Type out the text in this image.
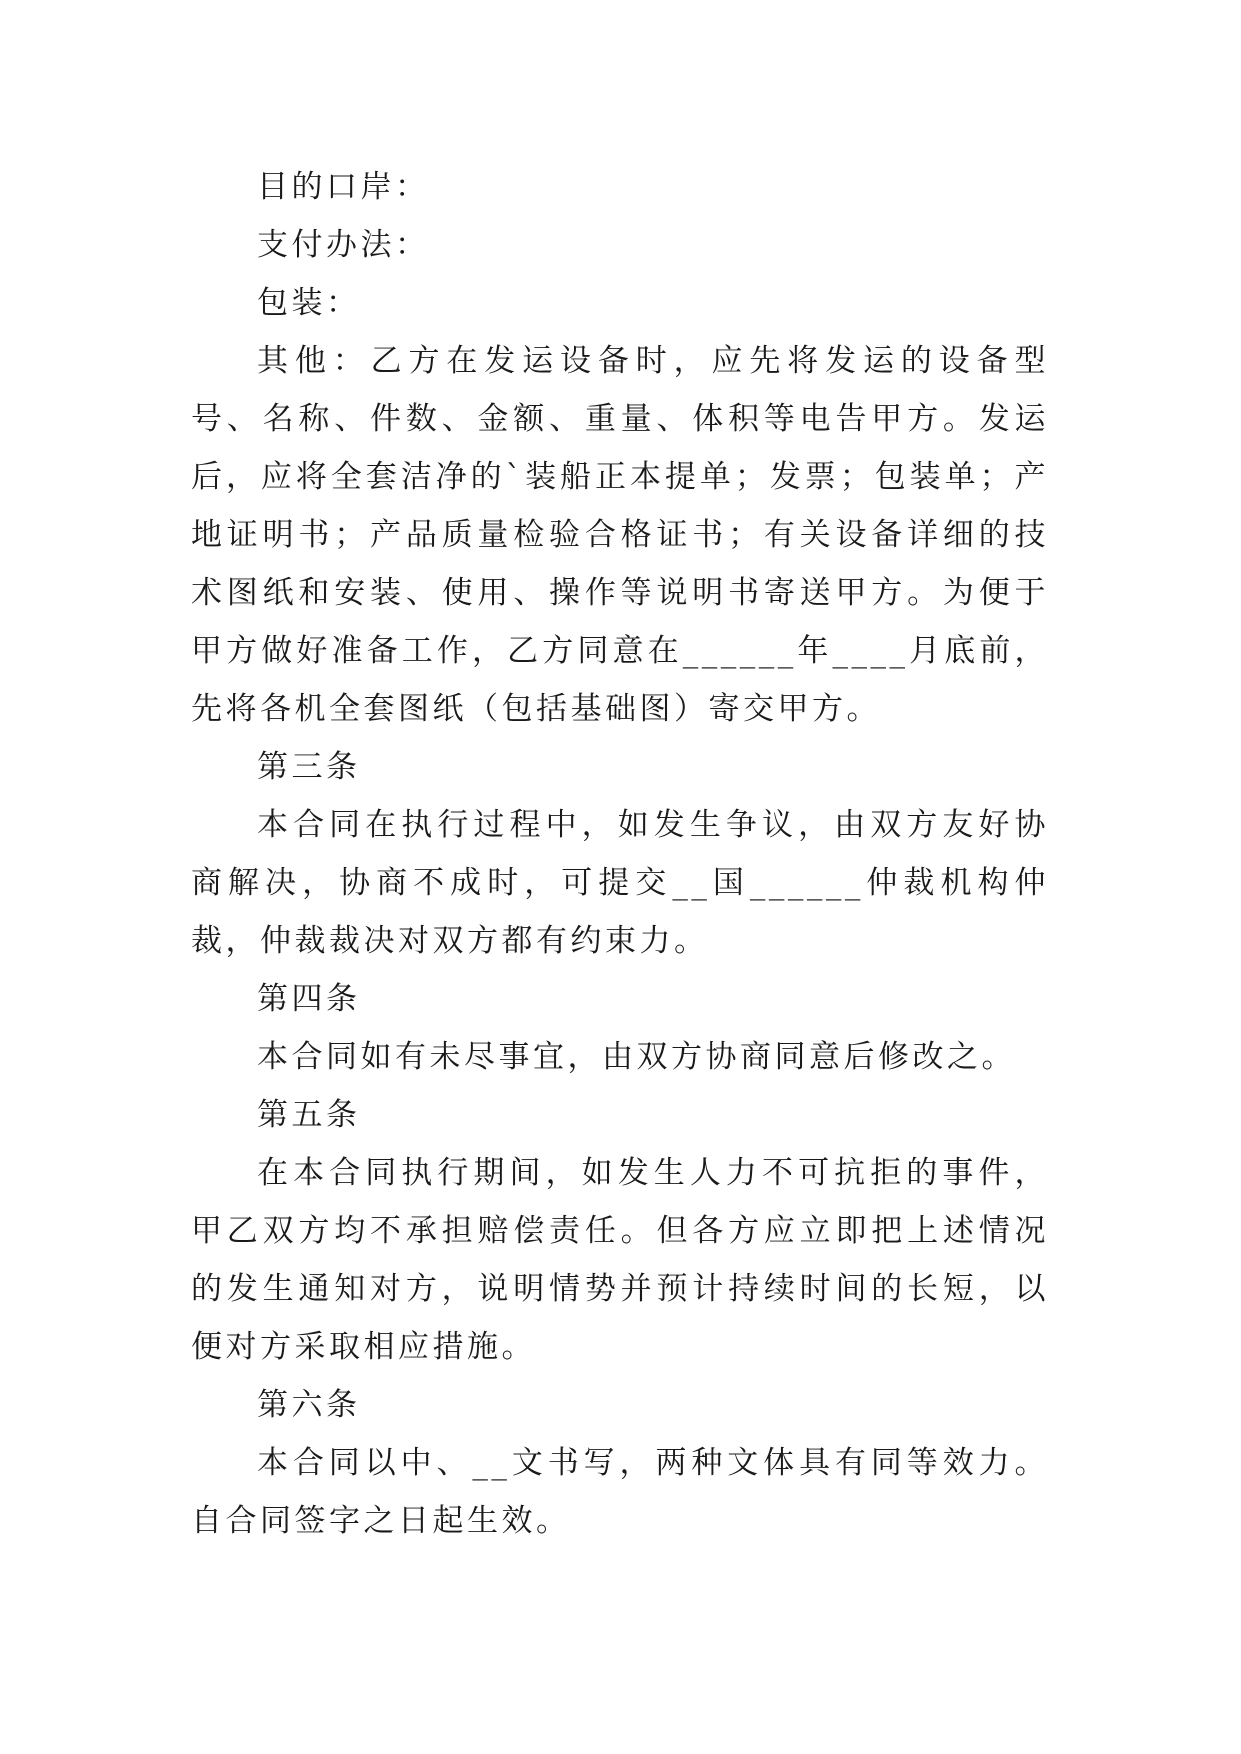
目的口岸：

支付办法：

包装：

其他：乙方在发运设备时，应先将发运的设备型号、名称、件数、金额、重量、体积等电告甲方。发运后，应将全套洁净的`装船正本提单；发票；包装单；产地证明书；产品质量检验合格证书；有关设备详细的技术图纸和安装、使用、操作等说明书寄送甲方。为便于甲方做好准备工作，乙方同意在______年____月底前，先将各机全套图纸（包括基础图）寄交甲方。

第三条

本合同在执行过程中，如发生争议，由双方友好协商解决，协商不成时，可提交__国______仲裁机构仲裁，仲裁裁决对双方都有约束力。

第四条

本合同如有未尽事宜，由双方协商同意后修改之。

第五条

在本合同执行期间，如发生人力不可抗拒的事件，甲乙双方均不承担赔偿责任。但各方应立即把上述情况的发生通知对方，说明情势并预计持续时间的长短，以便对方采取相应措施。

第六条

本合同以中、__文书写，两种文体具有同等效力。自合同签字之日起生效。
